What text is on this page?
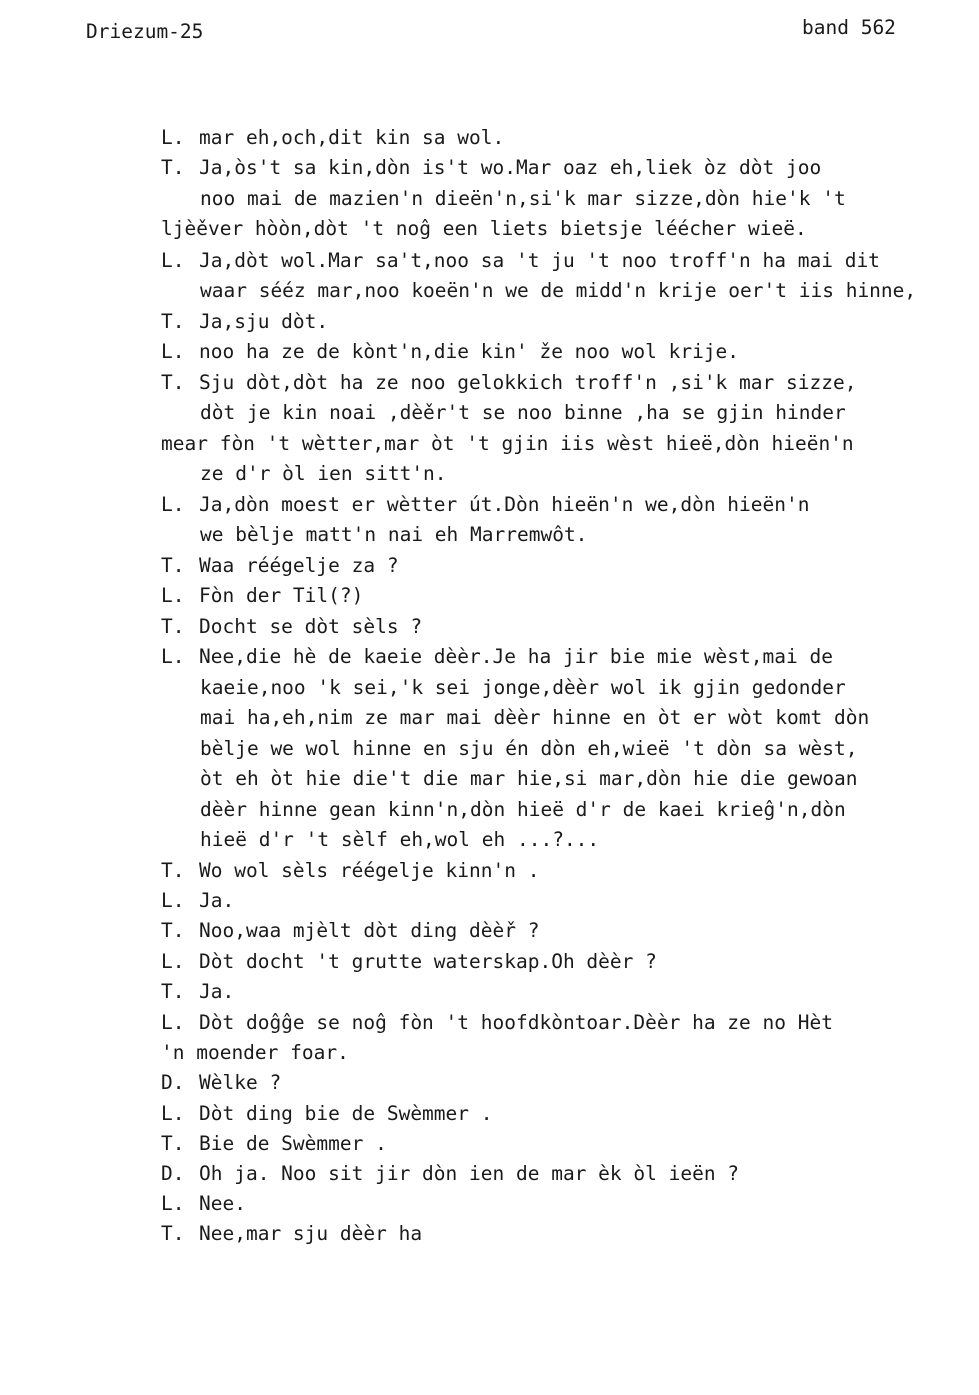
Driezum-25	band 562
L. mar eh,och,dit kin sa wol.
T. Ja,òs't sa kin,dòn is't wo.Mar oaz eh,liek òz dòt joo
noo mai de mazien'n dieën'n,si'k mar sizze,dòn hie'k 't
ljèěver hòòn,dòt 't noĝ een liets bietsje léécher wieë.
L. Ja,dòt wol.Mar sa't,noo sa 't ju 't noo troff'n ha mai dit
waar sééz mar,noo koeën'n we de midd'n krije oer't iis hinne,
T. Ja,sju dòt.
L. noo ha ze de kònt'n,die kin' že noo wol krije.
T. Sju dòt,dòt ha ze noo gelokkich troff'n ,si'k mar sizze,
dòt je kin noai ,dèěr't se noo binne ,ha se gjin hinder
mear fòn 't wètter,mar òt 't gjin iis wèst hieë,dòn hieën'n
ze d'r òl ien sitt'n.
L. Ja,dòn moest er wètter út.Dòn hieën'n we,dòn hieën'n
we bèlje matt'n nai eh Marremwôt.
T. Waa réégelje za ?
L. Fòn der Til(?)
T. Docht se dòt sèls ?
L. Nee,die hè de kaeie dèèr.Je ha jir bie mie wèst,mai de
kaeie,noo 'k sei,'k sei jonge,dèèr wol ik gjin gedonder
mai ha,eh,nim ze mar mai dèèr hinne en òt er wòt komt dòn
bèlje we wol hinne en sju én dòn eh,wieë 't dòn sa wèst,
òt eh òt hie die't die mar hie,si mar,dòn hie die gewoan
dèèr hinne gean kinn'n,dòn hieë d'r de kaei krieĝ'n,dòn
hieë d'r 't sèlf eh,wol eh ...?...
T. Wo wol sèls réégelje kinn'n .
L. Ja.
T. Noo,waa mjèlt dòt ding dèèř ?
L. Dòt docht 't grutte waterskap.Oh dèèr ?
T. Ja.
L. Dòt doĝĝe se noĝ fòn 't hoofdkòntoar.Dèèr ha ze no Hèt
'n moender foar.
D. Wèlke ?
L. Dòt ding bie de Swèmmer .
T. Bie de Swèmmer .
D. Oh ja. Noo sit jir dòn ien de mar èk òl ieën ?
L. Nee.
T. Nee,mar sju dèèr ha
